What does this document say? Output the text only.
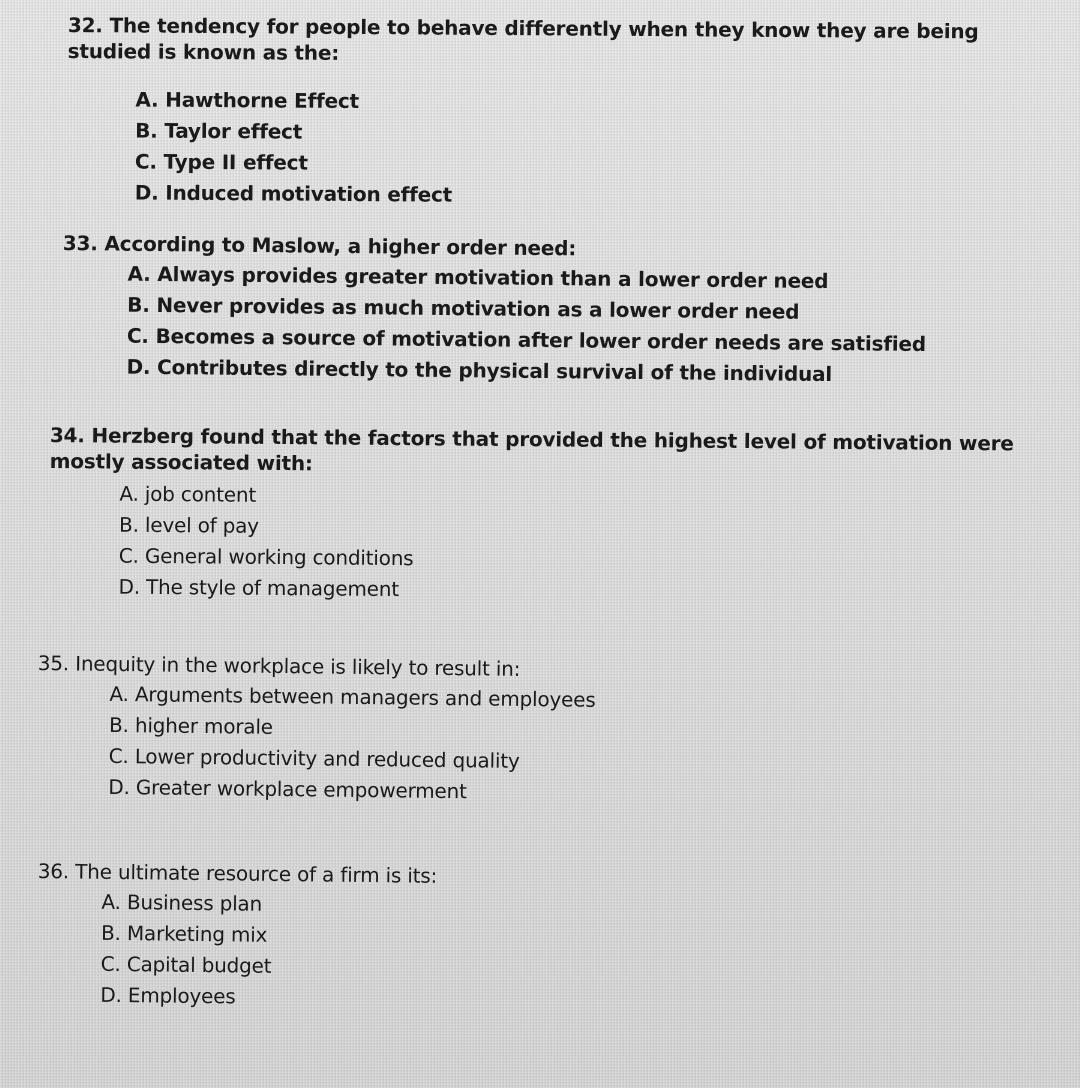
32. The tendency for people to behave differently when they know they are being studied is known as the:

A. Hawthorne Effect
B. Taylor effect
C. Type II effect
D. Induced motivation effect

33. According to Maslow, a higher order need:

A. Always provides greater motivation than a lower order need
B. Never provides as much motivation as a lower order need
C. Becomes a source of motivation after lower order needs are satisfied
D. Contributes directly to the physical survival of the individual

34. Herzberg found that the factors that provided the highest level of motivation were mostly associated with:

A. job content
B. level of pay
C. General working conditions
D. The style of management

35. Inequity in the workplace is likely to result in:

A. Arguments between managers and employees
B. higher morale
C. Lower productivity and reduced quality
D. Greater workplace empowerment

36. The ultimate resource of a firm is its:

A. Business plan
B. Marketing mix
C. Capital budget
D. Employees
